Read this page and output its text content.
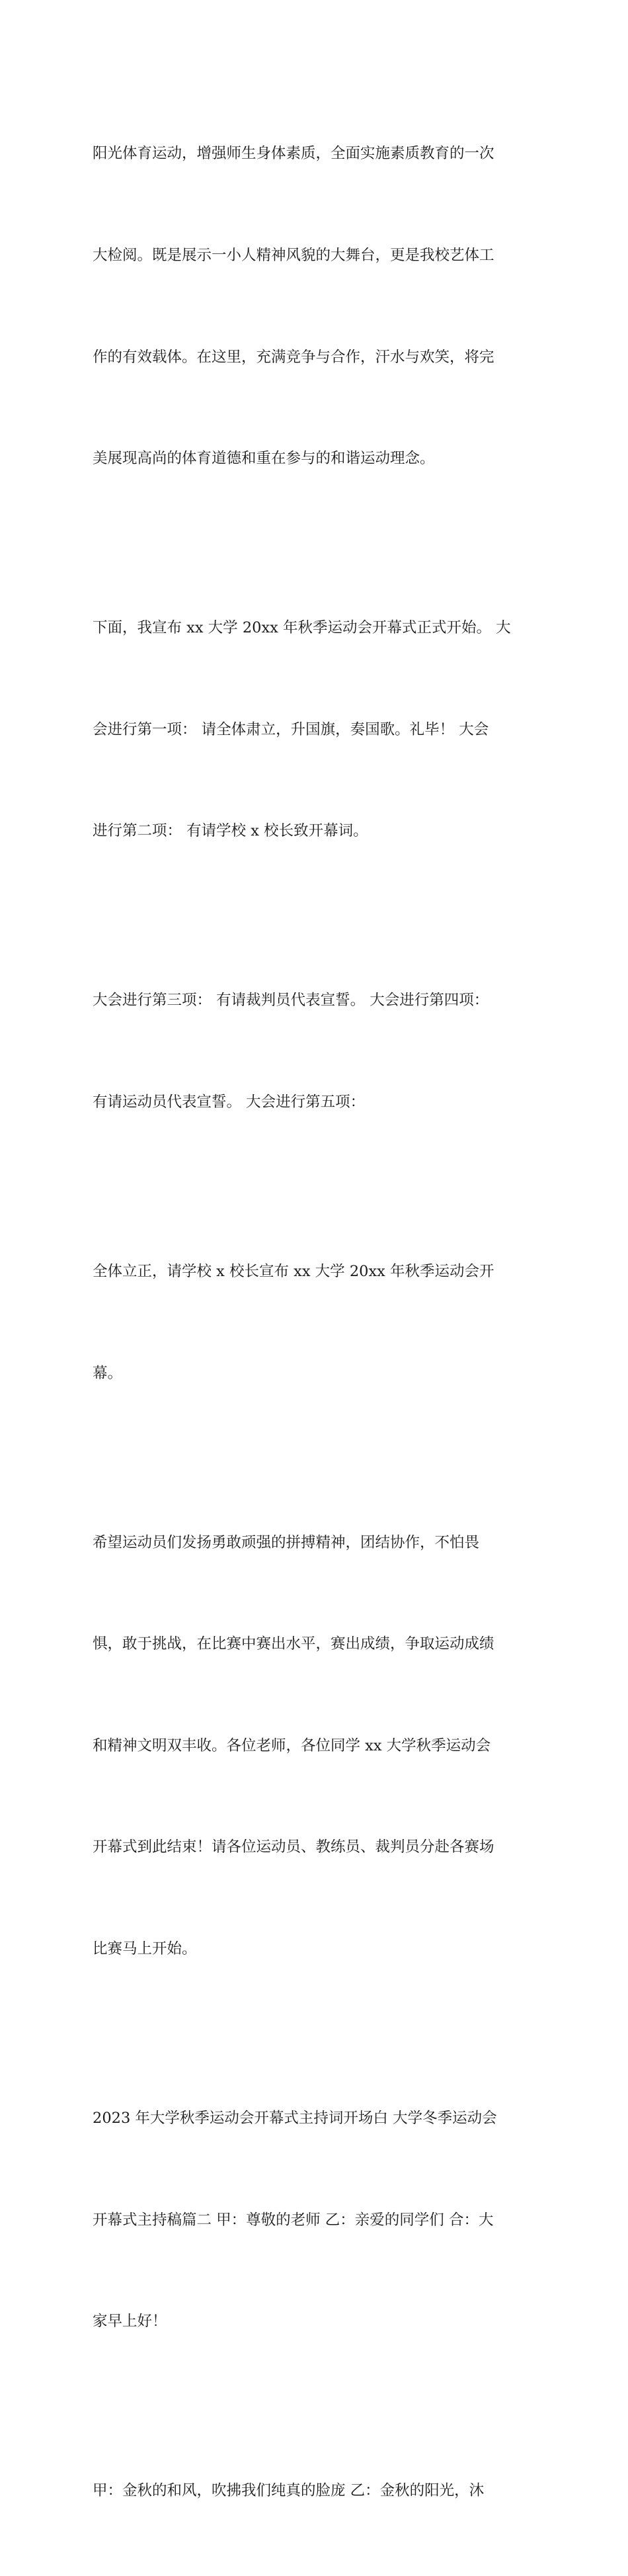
阳光体育运动，增强师生身体素质，全面实施素质教育的一次

大检阅。既是展示一小人精神风貌的大舞台，更是我校艺体工

作的有效载体。在这里，充满竞争与合作，汗水与欢笑，将完

美展现高尚的体育道德和重在参与的和谐运动理念。

下面，我宣布 xx 大学 20xx 年秋季运动会开幕式正式开始。 大

会进行第一项： 请全体肃立，升国旗，奏国歌。礼毕！ 大会

进行第二项： 有请学校 x 校长致开幕词。

大会进行第三项： 有请裁判员代表宣誓。 大会进行第四项：

有请运动员代表宣誓。 大会进行第五项：

全体立正，请学校 x 校长宣布 xx 大学 20xx 年秋季运动会开

幕。

希望运动员们发扬勇敢顽强的拼搏精神，团结协作，不怕畏

惧，敢于挑战，在比赛中赛出水平，赛出成绩，争取运动成绩

和精神文明双丰收。各位老师，各位同学 xx 大学秋季运动会

开幕式到此结束！请各位运动员、教练员、裁判员分赴各赛场

比赛马上开始。

2023 年大学秋季运动会开幕式主持词开场白 大学冬季运动会

开幕式主持稿篇二 甲：尊敬的老师 乙：亲爱的同学们 合：大

家早上好！

甲：金秋的和风，吹拂我们纯真的脸庞 乙：金秋的阳光，沐
